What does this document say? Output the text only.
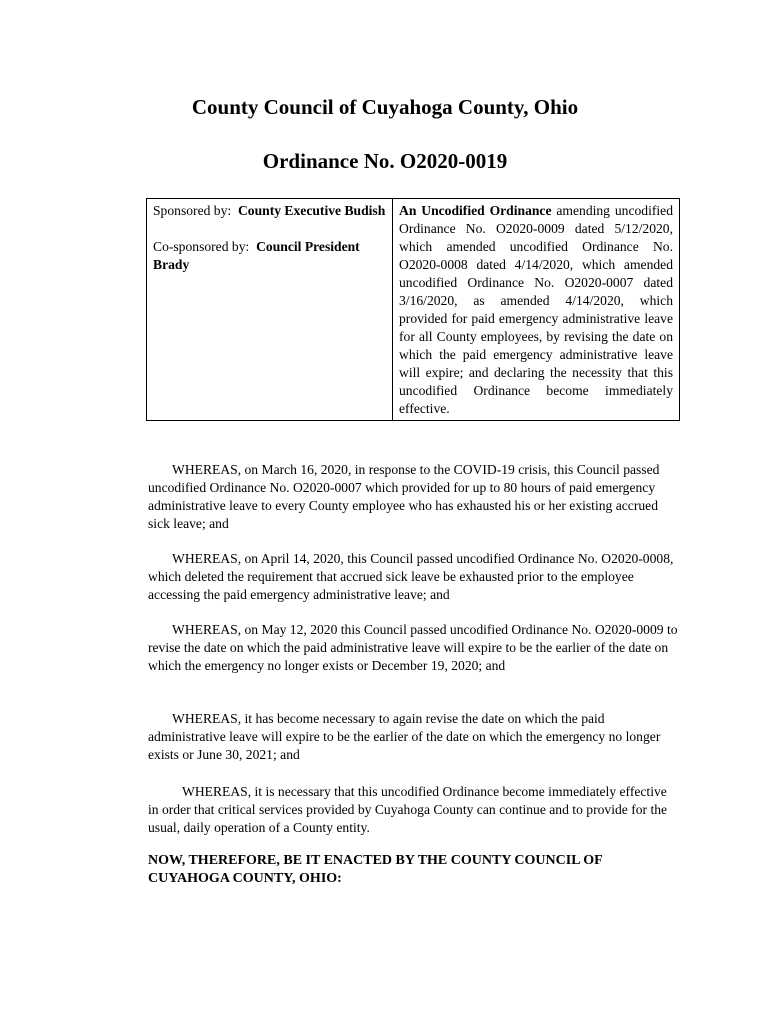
County Council of Cuyahoga County, Ohio
Ordinance No. O2020-0019

Sponsored by: County Executive Budish

Co-sponsored by: Council President Brady

	An Uncodified Ordinance amending uncodified Ordinance No. O2020-0009 dated 5/12/2020, which amended uncodified Ordinance No. O2020-0008 dated 4/14/2020, which amended uncodified Ordinance No. O2020-0007 dated 3/16/2020, as amended 4/14/2020, which provided for paid emergency administrative leave for all County employees, by revising the date on which the paid emergency administrative leave will expire; and declaring the necessity that this uncodified Ordinance become immediately effective.

WHEREAS, on March 16, 2020, in response to the COVID-19 crisis, this Council passed uncodified Ordinance No. O2020-0007 which provided for up to 80 hours of paid emergency administrative leave to every County employee who has exhausted his or her existing accrued sick leave; and

WHEREAS, on April 14, 2020, this Council passed uncodified Ordinance No. O2020-0008, which deleted the requirement that accrued sick leave be exhausted prior to the employee accessing the paid emergency administrative leave; and

WHEREAS, on May 12, 2020 this Council passed uncodified Ordinance No. O2020-0009 to revise the date on which the paid administrative leave will expire to be the earlier of the date on which the emergency no longer exists or December 19, 2020; and

WHEREAS, it has become necessary to again revise the date on which the paid administrative leave will expire to be the earlier of the date on which the emergency no longer exists or June 30, 2021; and

WHEREAS, it is necessary that this uncodified Ordinance become immediately effective in order that critical services provided by Cuyahoga County can continue and to provide for the usual, daily operation of a County entity.

NOW, THEREFORE, BE IT ENACTED BY THE COUNTY COUNCIL OF CUYAHOGA COUNTY, OHIO:
